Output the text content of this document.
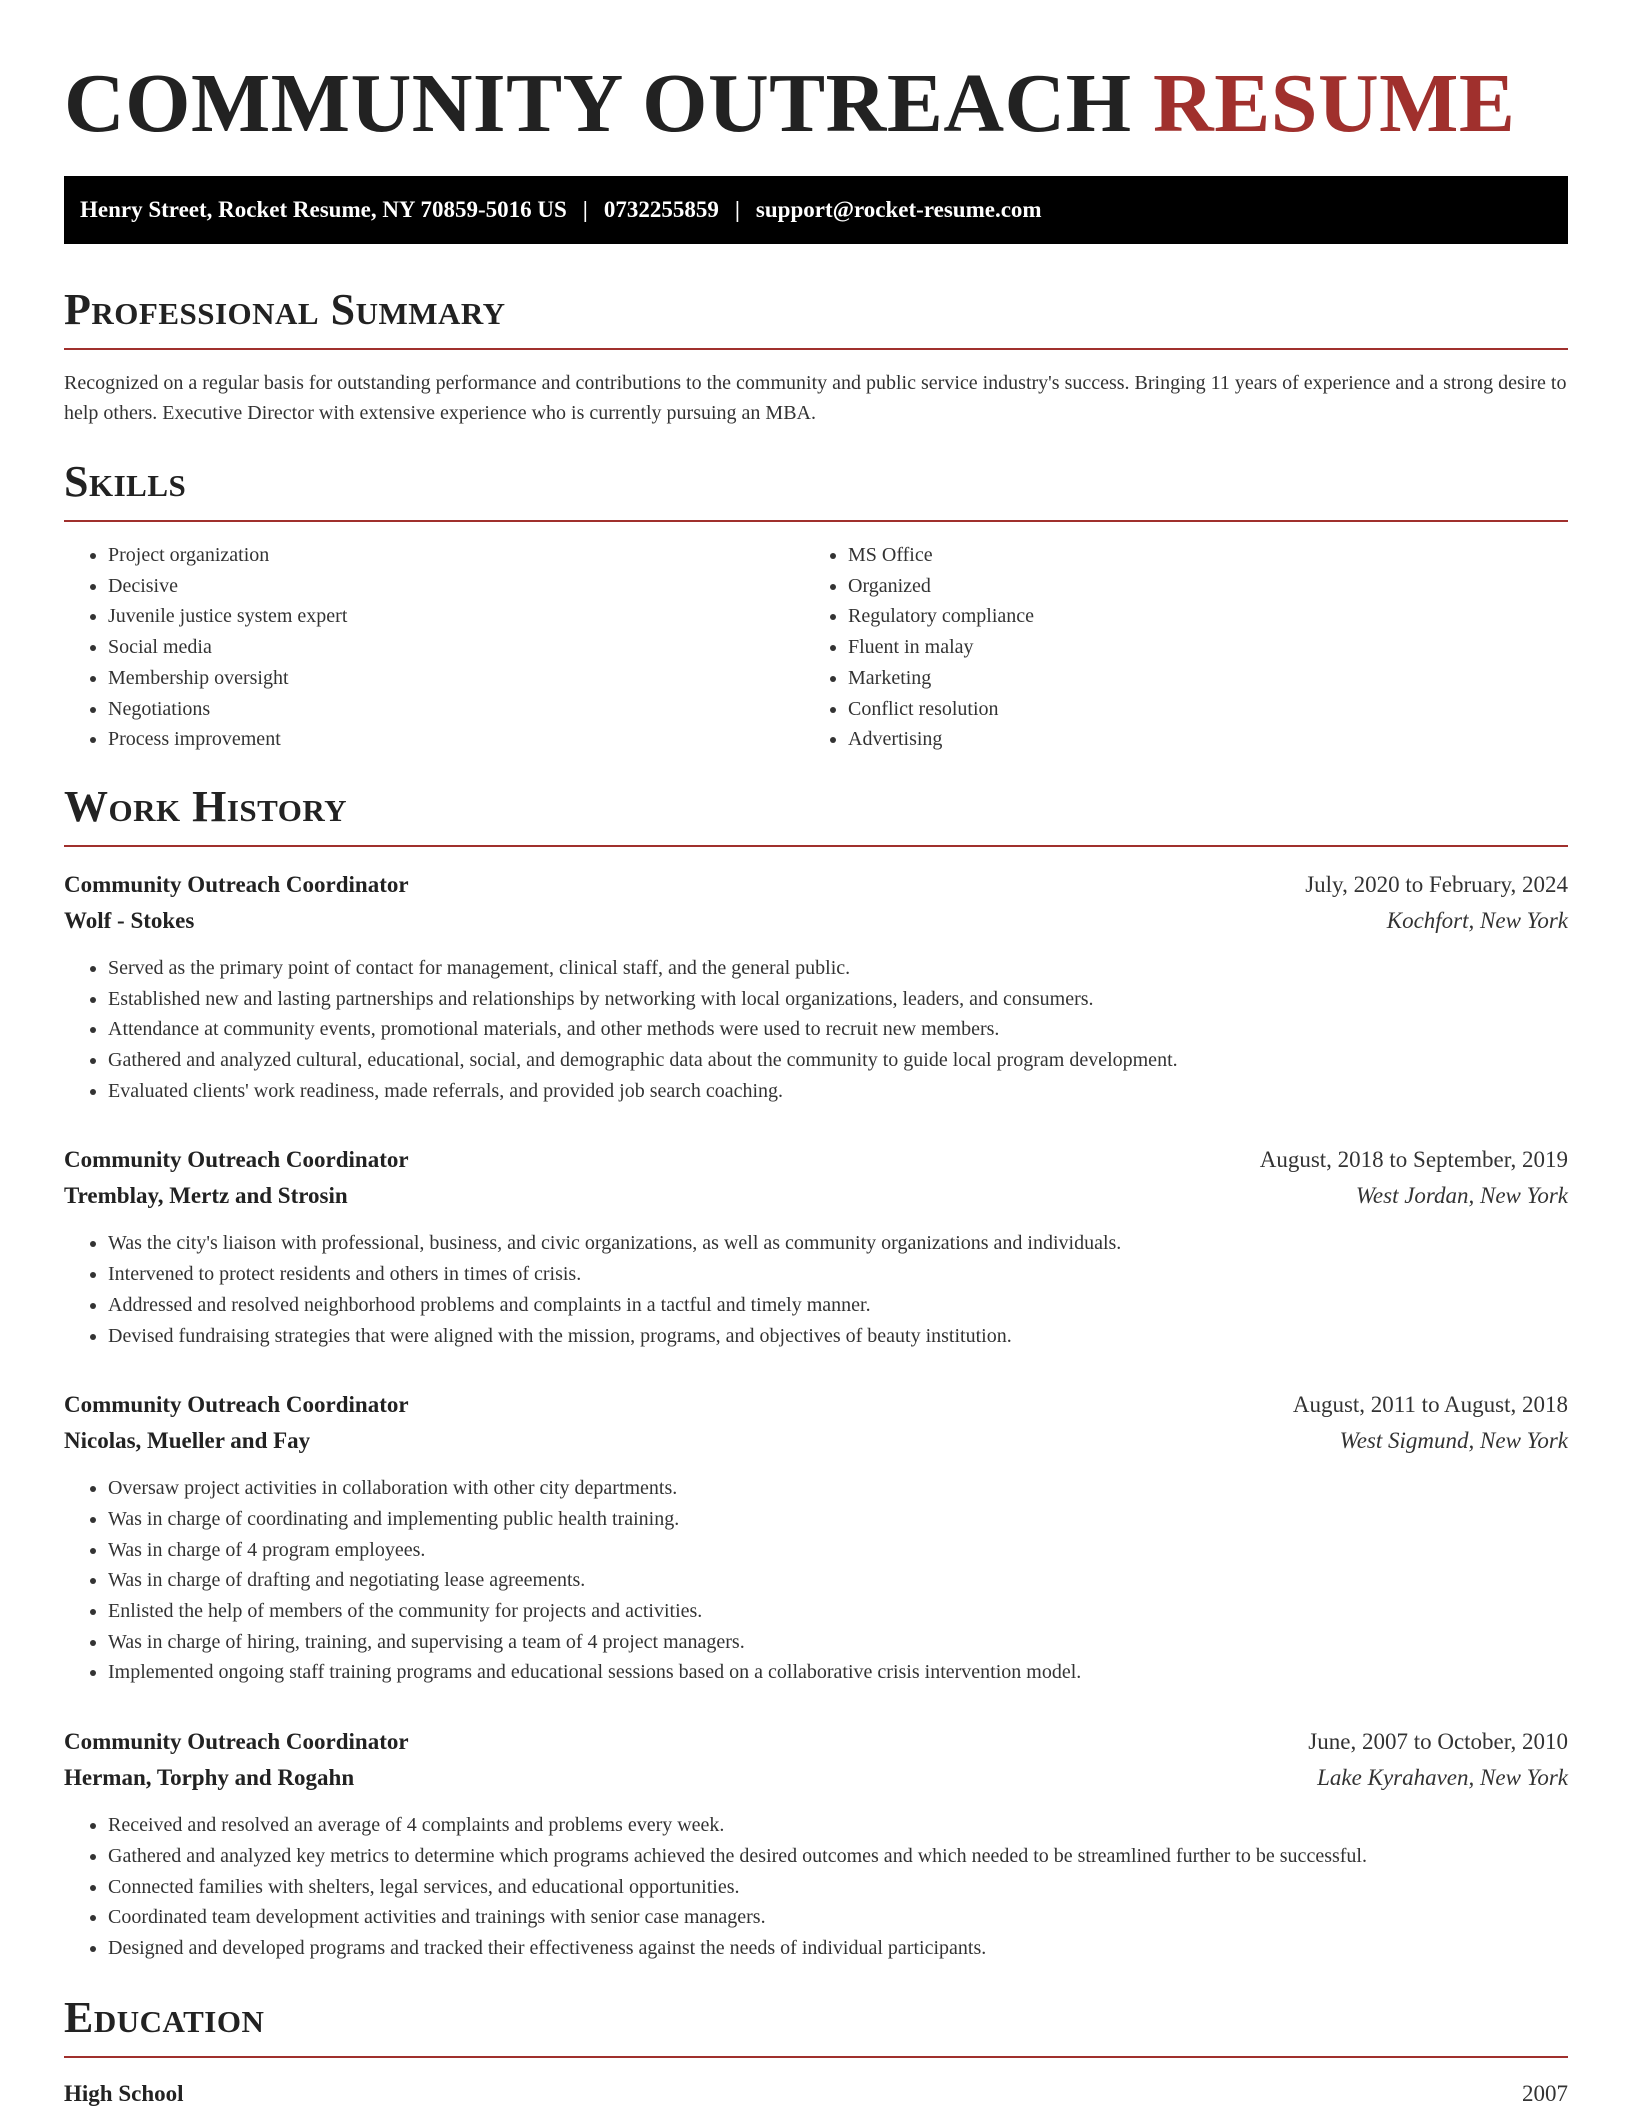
COMMUNITY OUTREACH RESUME
Henry Street, Rocket Resume, NY 70859-5016 US | 0732255859 | support@rocket-resume.com
Professional Summary

Recognized on a regular basis for outstanding performance and contributions to the community and public service industry's success. Bringing 11 years of experience and a strong desire to help others. Executive Director with extensive experience who is currently pursuing an MBA.

Skills
• Project organization
• Decisive
• Juvenile justice system expert
• Social media
• Membership oversight
• Negotiations
• Process improvement
• MS Office
• Organized
• Regulatory compliance
• Fluent in malay
• Marketing
• Conflict resolution
• Advertising
Work History
Community Outreach Coordinator	July, 2020 to February, 2024
Wolf - Stokes	Kochfort, New York
• Served as the primary point of contact for management, clinical staff, and the general public.
• Established new and lasting partnerships and relationships by networking with local organizations, leaders, and consumers.
• Attendance at community events, promotional materials, and other methods were used to recruit new members.
• Gathered and analyzed cultural, educational, social, and demographic data about the community to guide local program development.
• Evaluated clients' work readiness, made referrals, and provided job search coaching.
Community Outreach Coordinator	August, 2018 to September, 2019
Tremblay, Mertz and Strosin	West Jordan, New York
• Was the city's liaison with professional, business, and civic organizations, as well as community organizations and individuals.
• Intervened to protect residents and others in times of crisis.
• Addressed and resolved neighborhood problems and complaints in a tactful and timely manner.
• Devised fundraising strategies that were aligned with the mission, programs, and objectives of beauty institution.
Community Outreach Coordinator	August, 2011 to August, 2018
Nicolas, Mueller and Fay	West Sigmund, New York
• Oversaw project activities in collaboration with other city departments.
• Was in charge of coordinating and implementing public health training.
• Was in charge of 4 program employees.
• Was in charge of drafting and negotiating lease agreements.
• Enlisted the help of members of the community for projects and activities.
• Was in charge of hiring, training, and supervising a team of 4 project managers.
• Implemented ongoing staff training programs and educational sessions based on a collaborative crisis intervention model.
Community Outreach Coordinator	June, 2007 to October, 2010
Herman, Torphy and Rogahn	Lake Kyrahaven, New York
• Received and resolved an average of 4 complaints and problems every week.
• Gathered and analyzed key metrics to determine which programs achieved the desired outcomes and which needed to be streamlined further to be successful.
• Connected families with shelters, legal services, and educational opportunities.
• Coordinated team development activities and trainings with senior case managers.
• Designed and developed programs and tracked their effectiveness against the needs of individual participants.
Education
High School	2007
